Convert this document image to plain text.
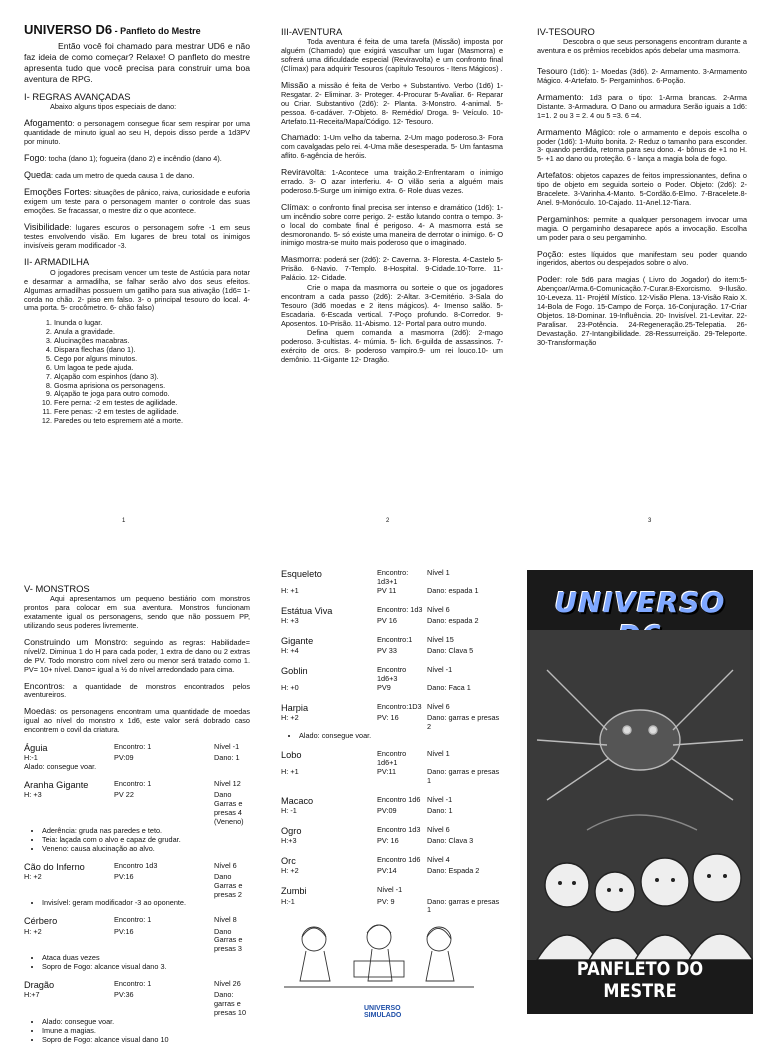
UNIVERSO D6 - Panfleto do Mestre

Então você foi chamado para mestrar UD6 e não faz ideia de como começar? Relaxe! O panfleto do mestre apresenta tudo que você precisa para construir uma boa aventura de RPG.

I- REGRAS AVANÇADAS

Abaixo alguns tipos especiais de dano:

Afogamento: o personagem consegue ficar sem respirar por uma quantidade de minuto igual ao seu H, depois disso perde a 1d3PV por minuto.

Fogo: tocha (dano 1); fogueira (dano 2) e incêndio (dano 4).

Queda: cada um metro de queda causa 1 de dano.

Emoções Fortes: situações de pânico, raiva, curiosidade e euforia exigem um teste para o personagem manter o controle das suas emoções. Se fracassar, o mestre diz o que acontece.

Visibilidade: lugares escuros o personagem sofre -1 em seus testes envolvendo visão. Em lugares de breu total os inimigos invisíveis geram modificador -3.

II- ARMADILHA

O jogadores precisam vencer um teste de Astúcia para notar e desarmar a armadilha, se falhar serão alvo dos seus efeitos. Algumas armadilhas possuem um gatilho para sua ativação (1d6= 1-corda no chão. 2- piso em falso. 3- o principal tesouro do local. 4- uma porta. 5- crocômetro. 6- chão falso)

1. Inunda o lugar.
2. Anula a gravidade.
3. Alucinações macabras.
4. Dispara flechas (dano 1).
5. Cego por alguns minutos.
6. Um lagoa te pede ajuda.
7. Alçapão com espinhos (dano 3).
8. Gosma aprisiona os personagens.
9. Alçapão te joga para outro comodo.
10. Fere perna: -2 em testes de agilidade.
11. Fere penas: -2 em testes de agilidade.
12. Paredes ou teto espremem até a morte.
1
III-AVENTURA

Toda aventura é feita de uma tarefa (Missão) imposta por alguém (Chamado) que exigirá vasculhar um lugar (Masmorra) e sofrerá uma dificuldade especial (Reviravolta) e um confronto final (Clímax) para adquirir Tesouros (capítulo Tesouros - Itens Mágicos) .

Missão a missão é feita de Verbo + Substantivo. Verbo (1d6) 1- Resgatar. 2- Eliminar. 3- Proteger. 4-Procurar 5-Avaliar. 6- Reparar ou Criar. Substantivo (2d6): 2- Planta. 3-Monstro. 4-animal. 5-pessoa. 6-cadáver. 7-Objeto. 8- Remédio/ Droga. 9- Veículo. 10-Artefato.11-Receita/Mapa/Código. 12- Tesouro.

Chamado: 1-Um velho da taberna. 2-Um mago poderoso.3- Fora com cavalgadas pelo rei. 4-Uma mãe desesperada. 5- Um fantasma aflito. 6-agência de heróis.

Reviravolta: 1-Acontece uma traição.2-Enfrentaram o inimigo errado. 3- O azar interferiu. 4- O vilão seria a alguém mais poderoso.5-Surge um inimigo extra. 6- Role duas vezes.

Clímax: o confronto final precisa ser intenso e dramático (1d6): 1- um incêndio sobre corre perigo. 2- estão lutando contra o tempo. 3- o local do combate final é perigoso. 4- A masmorra está se desmoronando. 5- só existe uma maneira de derrotar o inimigo. 6- O inimigo mostra-se muito mais poderoso que o imaginado.

Masmorra: poderá ser (2d6): 2- Caverna. 3- Floresta. 4-Castelo 5-Prisão. 6-Navio. 7-Templo. 8-Hospital. 9-Cidade.10-Torre. 11-Palácio. 12- Cidade.

Crie o mapa da masmorra ou sorteie o que os jogadores encontram a cada passo (2d6): 2-Altar. 3-Cemitério. 3-Sala do Tesouro (3d6 moedas e 2 itens mágicos). 4- Imenso salão. 5- Escadaria. 6-Escada vertical. 7-Poço profundo. 8-Corredor. 9-Aposentos. 10-Prisão. 11-Abismo. 12- Portal para outro mundo.

Defina quem comanda a masmorra (2d6): 2-mago poderoso. 3-cultistas. 4- múmia. 5- lich. 6-guilda de assassinos. 7- exército de orcs. 8- poderoso vampiro.9- um rei louco.10- um demônio. 11-Gigante 12- Dragão.

2
IV-TESOURO

Descobra o que seus personagens encontram durante a aventura e os prêmios recebidos após debelar uma masmorra.

Tesouro (1d6): 1- Moedas (3d6). 2- Armamento. 3-Armamento Mágico. 4-Artefato. 5- Pergaminhos. 6-Poção.

Armamento: 1d3 para o tipo: 1-Arma brancas. 2-Arma Distante. 3-Armadura. O Dano ou armadura Serão iguais a 1d6: 1=1. 2 ou 3 = 2. 4 ou 5 =3. 6 =4.

Armamento Mágico: role o armamento e depois escolha o poder (1d6): 1-Muito bonita. 2- Reduz o tamanho para esconder. 3- quando perdida, retorna para seu dono. 4- bônus de +1 no H. 5- +1 ao dano ou proteção. 6 - lança a magia bola de fogo.

Artefatos: objetos capazes de feitos impressionantes, defina o tipo de objeto em seguida sorteio o Poder. Objeto: (2d6): 2-Bracelete. 3-Varinha.4-Manto. 5-Cordão.6-Elmo. 7-Bracelete.8-Anel. 9-Monóculo. 10-Cajado. 11-Anel.12-Tiara.

Pergaminhos: permite a qualquer personagem invocar uma magia. O pergaminho desaparece após a invocação. Escolha um poder para o seu pergaminho.

Poção: estes líquidos que manifestam seu poder quando ingeridos, abertos ou despejados sobre o alvo.

Poder: role 5d6 para magias ( Livro do Jogador) do item:5-Abençoar/Arma.6-Comunicação.7-Curar.8-Exorcismo. 9-Ilusão. 10-Leveza. 11- Projétil Místico. 12-Visão Plena. 13-Visão Raio X. 14-Bola de Fogo. 15-Campo de Força. 16-Conjuração. 17-Criar Objetos. 18-Dominar. 19-Influência. 20- Invisível. 21-Levitar. 22-Paralisar. 23-Potência. 24-Regeneração.25-Telepatia. 26-Devastação. 27-Intangibilidade. 28-Ressurreição. 29-Teleporte. 30-Transformação

3
V- MONSTROS

Aqui apresentamos um pequeno bestiário com monstros prontos para colocar em sua aventura. Monstros funcionam exatamente igual os personagens, sendo que não possuem PP, utilizando seus poderes livremente.

Construindo um Monstro: seguindo as regras: Habilidade= nível/2. Diminua 1 do H para cada poder, 1 extra de dano ou 2 extras de PV. Todo monstro com nível zero ou menor será tratado como 1. PV= 10+ nível. Dano= igual a ½ do nível arredondado para cima.

Encontros: a quantidade de monstros encontrados pelos aventureiros.

Moedas: os personagens encontram uma quantidade de moedas igual ao nível do monstro x 1d6, este valor será dobrado caso encontrem o covil da criatura.

Águia	Encontro: 1	Nível -1
H:-1	PV:09	Dano: 1
Alado: consegue voar.
Aranha Gigante	Encontro: 1	Nível 12
H: +3	PV 22	Dano Garras e presas 4 (Veneno)
• Aderência: gruda nas paredes e teto.
• Teia: laçada com o alvo e capaz de grudar.
• Veneno: causa alucinação ao alvo.
Cão do Inferno	Encontro 1d3	Nível 6
H: +2	PV:16	Dano Garras e presas 2
• Invisível: geram modificador -3 ao oponente.
Cérbero	Encontro: 1	Nível 8
H: +2	PV:16	Dano Garras e presas 3
• Ataca duas vezes
• Sopro de Fogo: alcance visual dano 3.
Dragão	Encontro: 1	Nível 26
H:+7	PV:36	Dano: garras e presas 10
• Alado: consegue voar.
• Imune a magias.
• Sopro de Fogo: alcance visual dano 10
Esqueleto	Encontro: 1d3+1
Nível 1
H: +1	PV 11	Dano: espada 1
Estátua Viva	Encontro: 1d3 Nível 6
H: +3	PV 16	Dano: espada 2
Gigante	Encontro:1	Nível 15
H: +4	PV 33	Dano: Clava 5
Goblin	Encontro 1d6+3
Nível -1
H: +0	PV9	Dano: Faca 1
Harpia	Encontro:1D3 Nível 6
H: +2	PV: 16	Dano: garras e presas 2
• Alado: consegue voar.
Lobo	Encontro 1d6+1
Nível 1
H: +1	PV:11	Dano: garras e presas 1
Macaco	Encontro 1d6 Nível -1
H: -1	PV:09	Dano: 1
Ogro	Encontro 1d3 Nível 6
H:+3	PV: 16	Dano: Clava 3
Orc	Encontro 1d6 Nível 4
H: +2	PV:14	Dano: Espada 2
Zumbi	Nível -1
H:-1	PV: 9	Dano: garras e presas 1
UNIVERSO
SIMULADO
UNIVERSO
PANFLETO DO MESTRE
